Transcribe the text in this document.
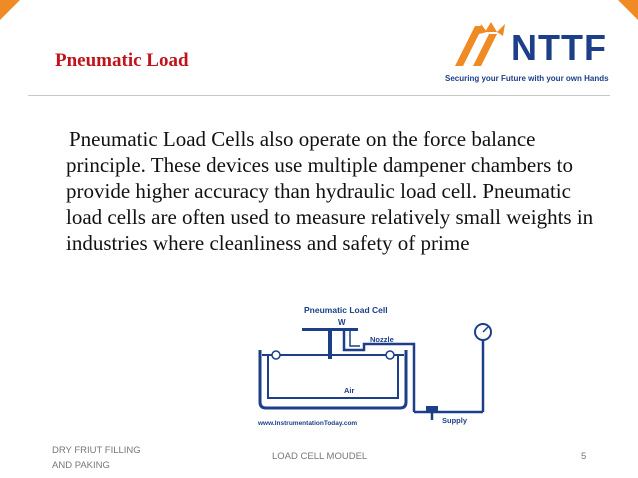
Pneumatic Load	NTTF
Securing your Future with your own Hands
Pneumatic Load Cells also operate on the force balance principle. These devices use multiple dampener chambers to provide higher accuracy than hydraulic load cell. Pneumatic load cells are often used to measure relatively small weights in industries where cleanliness and safety of prime
Pneumatic Load Cell
W
Nozzle
Air
www.InstrumentationToday.com	Supply
DRY FRIUT FILLING AND PAKING
LOAD CELL MOUDEL	5
